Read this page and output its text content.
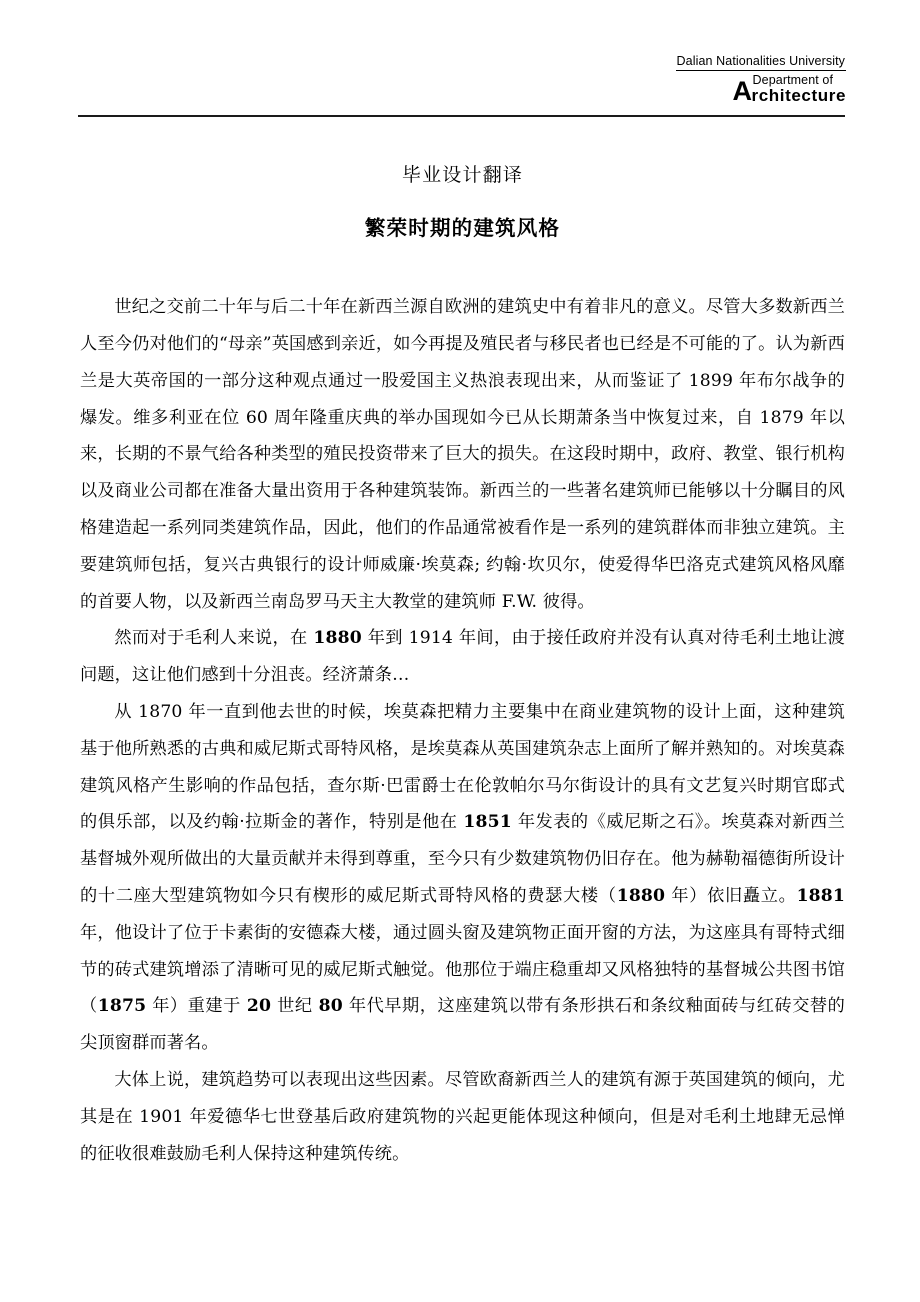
Dalian Nationalities University
A Department of
rchitecture
毕业设计翻译
繁荣时期的建筑风格

世纪之交前二十年与后二十年在新西兰源自欧洲的建筑史中有着非凡的意义。尽管大多数新西兰人至今仍对他们的“母亲”英国感到亲近，如今再提及殖民者与移民者也已经是不可能的了。认为新西兰是大英帝国的一部分这种观点通过一股爱国主义热浪表现出来，从而鉴证了 1899 年布尔战争的爆发。维多利亚在位 60 周年隆重庆典的举办国现如今已从长期萧条当中恢复过来，自 1879 年以来，长期的不景气给各种类型的殖民投资带来了巨大的损失。在这段时期中，政府、教堂、银行机构以及商业公司都在准备大量出资用于各种建筑装饰。新西兰的一些著名建筑师已能够以十分瞩目的风格建造起一系列同类建筑作品，因此，他们的作品通常被看作是一系列的建筑群体而非独立建筑。主要建筑师包括，复兴古典银行的设计师威廉·埃莫森; 约翰·坎贝尔，使爱得华巴洛克式建筑风格风靡的首要人物，以及新西兰南岛罗马天主大教堂的建筑师 F.W. 彼得。

然而对于毛利人来说，在 1880 年到 1914 年间，由于接任政府并没有认真对待毛利土地让渡问题，这让他们感到十分沮丧。经济萧条…

从 1870 年一直到他去世的时候，埃莫森把精力主要集中在商业建筑物的设计上面，这种建筑基于他所熟悉的古典和威尼斯式哥特风格，是埃莫森从英国建筑杂志上面所了解并熟知的。对埃莫森建筑风格产生影响的作品包括，查尔斯·巴雷爵士在伦敦帕尔马尔街设计的具有文艺复兴时期官邸式的俱乐部，以及约翰·拉斯金的著作，特别是他在 1851 年发表的《威尼斯之石》。埃莫森对新西兰基督城外观所做出的大量贡献并未得到尊重，至今只有少数建筑物仍旧存在。他为赫勒福德街所设计的十二座大型建筑物如今只有楔形的威尼斯式哥特风格的费瑟大楼（1880 年）依旧矗立。1881 年，他设计了位于卡素街的安德森大楼，通过圆头窗及建筑物正面开窗的方法，为这座具有哥特式细节的砖式建筑增添了清晰可见的威尼斯式触觉。他那位于端庄稳重却又风格独特的基督城公共图书馆（1875 年）重建于 20 世纪 80 年代早期，这座建筑以带有条形拱石和条纹釉面砖与红砖交替的尖顶窗群而著名。

大体上说，建筑趋势可以表现出这些因素。尽管欧裔新西兰人的建筑有源于英国建筑的倾向，尤其是在 1901 年爱德华七世登基后政府建筑物的兴起更能体现这种倾向，但是对毛利土地肆无忌惮的征收很难鼓励毛利人保持这种建筑传统。
